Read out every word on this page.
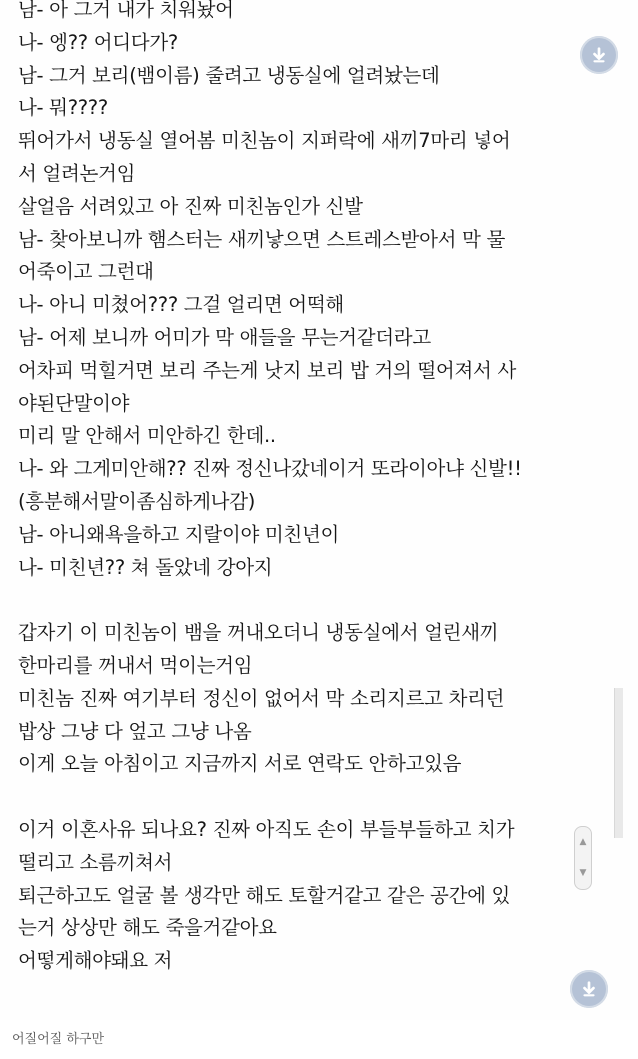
남- 아 그거 내가 치워놨어
나- 엥?? 어디다가?
남- 그거 보리(뱀이름) 줄려고 냉동실에 얼려놨는데
나- 뭐????
뛰어가서 냉동실 열어봄 미친놈이 지퍼락에 새끼7마리 넣어
서 얼려논거임
살얼음 서려있고 아 진짜 미친놈인가 신발
남- 찾아보니까 햄스터는 새끼낳으면 스트레스받아서 막 물
어죽이고 그런대
나- 아니 미쳤어??? 그걸 얼리면 어떡해
남- 어제 보니까 어미가 막 애들을 무는거같더라고
어차피 먹힐거면 보리 주는게 낫지 보리 밥 거의 떨어져서 사
야된단말이야
미리 말 안해서 미안하긴 한데..
나- 와 그게미안해?? 진짜 정신나갔네이거 또라이아냐 신발!!
(흥분해서말이좀심하게나감)
남- 아니왜욕을하고 지랄이야 미친년이
나- 미친년?? 쳐 돌았네 강아지
갑자기 이 미친놈이 뱀을 꺼내오더니 냉동실에서 얼린새끼
한마리를 꺼내서 먹이는거임
미친놈 진짜 여기부터 정신이 없어서 막 소리지르고 차리던
밥상 그냥 다 엎고 그냥 나옴
이게 오늘 아침이고 지금까지 서로 연락도 안하고있음
이거 이혼사유 되나요? 진짜 아직도 손이 부들부들하고 치가
떨리고 소름끼쳐서
퇴근하고도 얼굴 볼 생각만 해도 토할거같고 같은 공간에 있
는거 상상만 해도 죽을거같아요
어떻게해야돼요 저
▲
▼
어질어질 하구만
